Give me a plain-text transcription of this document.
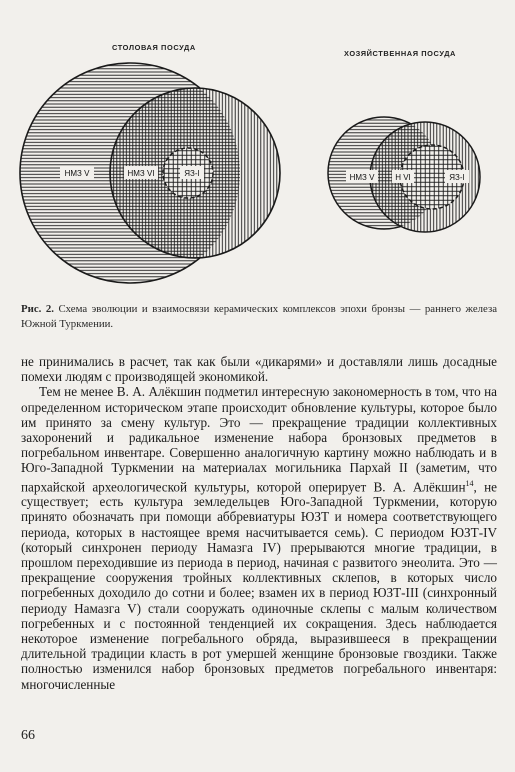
СТОЛОВАЯ ПОСУДА
ХОЗЯЙСТВЕННАЯ ПОСУДА
НМЗ V	НМЗ VI	ЯЗ-I	НМЗ V	Н VI	ЯЗ-I
Рис. 2. Схема эволюции и взаимосвязи керамических комплексов эпохи бронзы — раннего железа Южной Туркмении.

не принимались в расчет, так как были «дикарями» и доставляли лишь досадные помехи людям с производящей экономикой.

Тем не менее В. А. Алёкшин подметил интересную закономерность в том, что на определенном историческом этапе происходит обновление культуры, которое было им принято за смену культур. Это — прекращение традиции коллективных захоронений и радикальное изменение набора бронзовых предметов в погребальном инвентаре. Совершенно аналогичную картину можно наблюдать и в Юго-Западной Туркмении на материалах могильника Пархай II (заметим, что пархайской археологической культуры, которой оперирует В. А. Алёкшин$^{14}$, не существует; есть культура земледельцев Юго-Западной Туркмении, которую принято обозначать при помощи аббревиатуры ЮЗТ и номера соответствующего периода, которых в настоящее время насчитывается семь). С периодом ЮЗТ-IV (который синхронен периоду Намазга IV) прерываются многие традиции, в прошлом переходившие из периода в период, начиная с развитого энеолита. Это — прекращение сооружения тройных коллективных склепов, в которых число погребенных доходило до сотни и более; взамен их в период ЮЗТ-III (синхронный периоду Намазга V) стали сооружать одиночные склепы с малым количеством погребенных и с постоянной тенденцией их сокращения. Здесь наблюдается некоторое изменение погребального обряда, выразившееся в прекращении длительной традиции класть в рот умершей женщине бронзовые гвоздики. Также полностью изменился набор бронзовых предметов погребального инвентаря: многочисленные

66
